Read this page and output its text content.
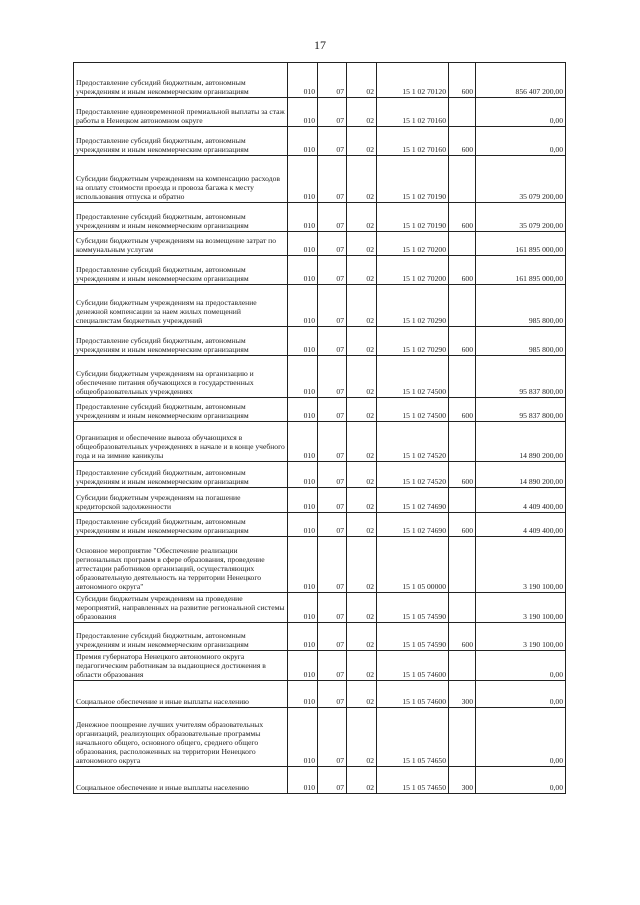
17
Предоставление субсидий бюджетным, автономным учреждениям и иным некоммерческим организациям	010	07	02	15 1 02 70120	600	856 407 200,00
Предоставление единовременной премиальной выплаты за стаж работы в Ненецком автономном округе	010	07	02	15 1 02 70160		0,00
Предоставление субсидий бюджетным, автономным учреждениям и иным некоммерческим организациям	010	07	02	15 1 02 70160	600	0,00
Субсидии бюджетным учреждениям на компенсацию расходов на оплату стоимости проезда и провоза багажа к месту использования отпуска и обратно	010	07	02	15 1 02 70190		35 079 200,00
Предоставление субсидий бюджетным, автономным учреждениям и иным некоммерческим организациям	010	07	02	15 1 02 70190	600	35 079 200,00
Субсидии бюджетным учреждениям на возмещение затрат по коммунальным услугам	010	07	02	15 1 02 70200		161 895 000,00
Предоставление субсидий бюджетным, автономным учреждениям и иным некоммерческим организациям	010	07	02	15 1 02 70200	600	161 895 000,00
Субсидии бюджетным учреждениям на предоставление денежной компенсации за наем жилых помещений специалистам бюджетных учреждений	010	07	02	15 1 02 70290		985 800,00
Предоставление субсидий бюджетным, автономным учреждениям и иным некоммерческим организациям	010	07	02	15 1 02 70290	600	985 800,00
Субсидии бюджетным учреждениям на организацию и обеспечение питания обучающихся в государственных общеобразовательных учреждениях	010	07	02	15 1 02 74500		95 837 800,00
Предоставление субсидий бюджетным, автономным учреждениям и иным некоммерческим организациям	010	07	02	15 1 02 74500	600	95 837 800,00
Организация и обеспечение вывоза обучающихся в общеобразовательных учреждениях в начале и в конце учебного года и на зимние каникулы	010	07	02	15 1 02 74520		14 890 200,00
Предоставление субсидий бюджетным, автономным учреждениям и иным некоммерческим организациям	010	07	02	15 1 02 74520	600	14 890 200,00
Субсидии бюджетным учреждениям на погашение кредиторской задолженности	010	07	02	15 1 02 74690		4 409 400,00
Предоставление субсидий бюджетным, автономным учреждениям и иным некоммерческим организациям	010	07	02	15 1 02 74690	600	4 409 400,00
Основное мероприятие "Обеспечение реализации региональных программ в сфере образования, проведение аттестации работников организаций, осуществляющих образовательную деятельность на территории Ненецкого автономного округа"	010	07	02	15 1 05 00000		3 190 100,00
Субсидии бюджетным учреждениям на проведение мероприятий, направленных на развитие региональной системы образования	010	07	02	15 1 05 74590		3 190 100,00
Предоставление субсидий бюджетным, автономным учреждениям и иным некоммерческим организациям	010	07	02	15 1 05 74590	600	3 190 100,00
Премия губернатора Ненецкого автономного округа педагогическим работникам за выдающиеся достижения в области образования	010	07	02	15 1 05 74600		0,00
Социальное обеспечение и иные выплаты населению	010	07	02	15 1 05 74600	300	0,00
Денежное поощрение лучших учителям образовательных организаций, реализующих образовательные программы начального общего, основного общего, среднего общего образования, расположенных на территории Ненецкого автономного округа	010	07	02	15 1 05 74650		0,00
Социальное обеспечение и иные выплаты населению	010	07	02	15 1 05 74650	300	0,00
